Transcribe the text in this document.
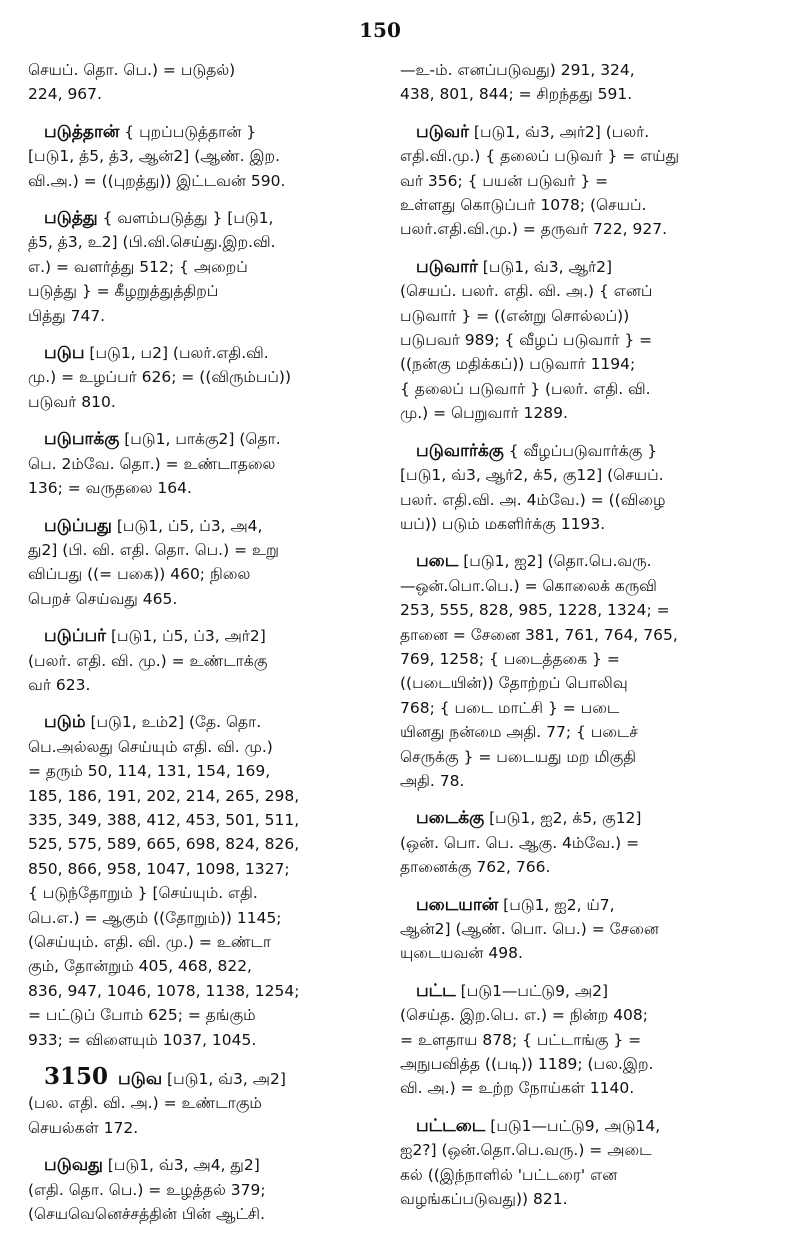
150

செயப். தொ. பெ.) = படுதல்)

224, 967.

படுத்தான் { புறப்படுத்தான் }

[படு1, த்5, த்3, ஆன்2] (ஆண். இற.

வி.அ.) = ((புறத்து)) இட்டவன் 590.

படுத்து { வளம்படுத்து } [படு1,

த்5, த்3, உ2] (பி.வி.செய்து.இற.வி.

எ.) = வளர்த்து 512; { அறைப்

படுத்து } = கீழறுத்துத்திறப்

பித்து 747.

படுப [படு1, ப2] (பலர்.எதி.வி.

மு.) = உழப்பர் 626; = ((விரும்பப்))

படுவர் 810.

படுபாக்கு [படு1, பாக்கு2] (தொ.

பெ. 2ம்வே. தொ.) = உண்டாதலை

136; = வருதலை 164.

படுப்பது [படு1, ப்5, ப்3, அ4,

து2] (பி. வி. எதி. தொ. பெ.) = உறு

விப்பது ((= பகை)) 460; நிலை

பெறச் செய்வது 465.

படுப்பர் [படு1, ப்5, ப்3, அர்2]

(பலர். எதி. வி. மு.) = உண்டாக்கு

வர் 623.

படும் [படு1, உம்2] (தே. தொ.

பெ.அல்லது செய்யும் எதி. வி. மு.)

= தரும் 50, 114, 131, 154, 169,

185, 186, 191, 202, 214, 265, 298,

335, 349, 388, 412, 453, 501, 511,

525, 575, 589, 665, 698, 824, 826,

850, 866, 958, 1047, 1098, 1327;

{ படுந்தோறும் } [செய்யும். எதி.

பெ.எ.) = ஆகும் ((தோறும்)) 1145;

(செய்யும். எதி. வி. மு.) = உண்டா

கும், தோன்றும் 405, 468, 822,

836, 947, 1046, 1078, 1138, 1254;

= பட்டுப் போம் 625; = தங்கும்

933; = விளையும் 1037, 1045.

3150 படுவ [படு1, வ்3, அ2]

(பல. எதி. வி. அ.) = உண்டாகும்

செயல்கள் 172.

படுவது [படு1, வ்3, அ4, து2]

(எதி. தொ. பெ.) = உழத்தல் 379;

(செயவெனெச்சத்தின் பின் ஆட்சி.

—உ-ம். எனப்படுவது) 291, 324,

438, 801, 844; = சிறந்தது 591.

படுவர் [படு1, வ்3, அர்2] (பலர்.

எதி.வி.மு.) { தலைப் படுவர் } = எய்து

வர் 356; { பயன் படுவர் } =

உள்ளது கொடுப்பர் 1078; (செயப்.

பலர்.எதி.வி.மு.) = தருவர் 722, 927.

படுவார் [படு1, வ்3, ஆர்2]

(செயப். பலர். எதி. வி. அ.) { எனப்

படுவார் } = ((என்று சொல்லப்))

படுபவர் 989; { வீழப் படுவார் } =

((நன்கு மதிக்கப்)) படுவார் 1194;

{ தலைப் படுவார் } (பலர். எதி. வி.

மு.) = பெறுவார் 1289.

படுவார்க்கு { வீழப்படுவார்க்கு }

[படு1, வ்3, ஆர்2, க்5, கு12] (செயப்.

பலர். எதி.வி. அ. 4ம்வே.) = ((விழை

யப்)) படும் மகளிர்க்கு 1193.

படை [படு1, ஐ2] (தொ.பெ.வரு.

—ஒன்.பொ.பெ.) = கொலைக் கருவி

253, 555, 828, 985, 1228, 1324; =

தானை = சேனை 381, 761, 764, 765,

769, 1258; { படைத்தகை } =

((படையின்)) தோற்றப் பொலிவு

768; { படை மாட்சி } = படை

யினது நன்மை அதி. 77; { படைச்

செருக்கு } = படையது மற மிகுதி

அதி. 78.

படைக்கு [படு1, ஐ2, க்5, கு12]

(ஒன். பொ. பெ. ஆகு. 4ம்வே.) =

தானைக்கு 762, 766.

படையான் [படு1, ஐ2, ய்7,

ஆன்2] (ஆண். பொ. பெ.) = சேனை

யுடையவன் 498.

பட்ட [படு1—பட்டு9, அ2]

(செய்த. இற.பெ. எ.) = நின்ற 408;

= உளதாய 878; { பட்டாங்கு } =

அநுபவித்த ((படி)) 1189; (பல.இற.

வி. அ.) = உற்ற நோய்கள் 1140.

பட்டடை [படு1—பட்டு9, அடு14,

ஐ2?] (ஒன்.தொ.பெ.வரு.) = அடை

கல் ((இந்நாளில் 'பட்டரை' என

வழங்கப்படுவது)) 821.
